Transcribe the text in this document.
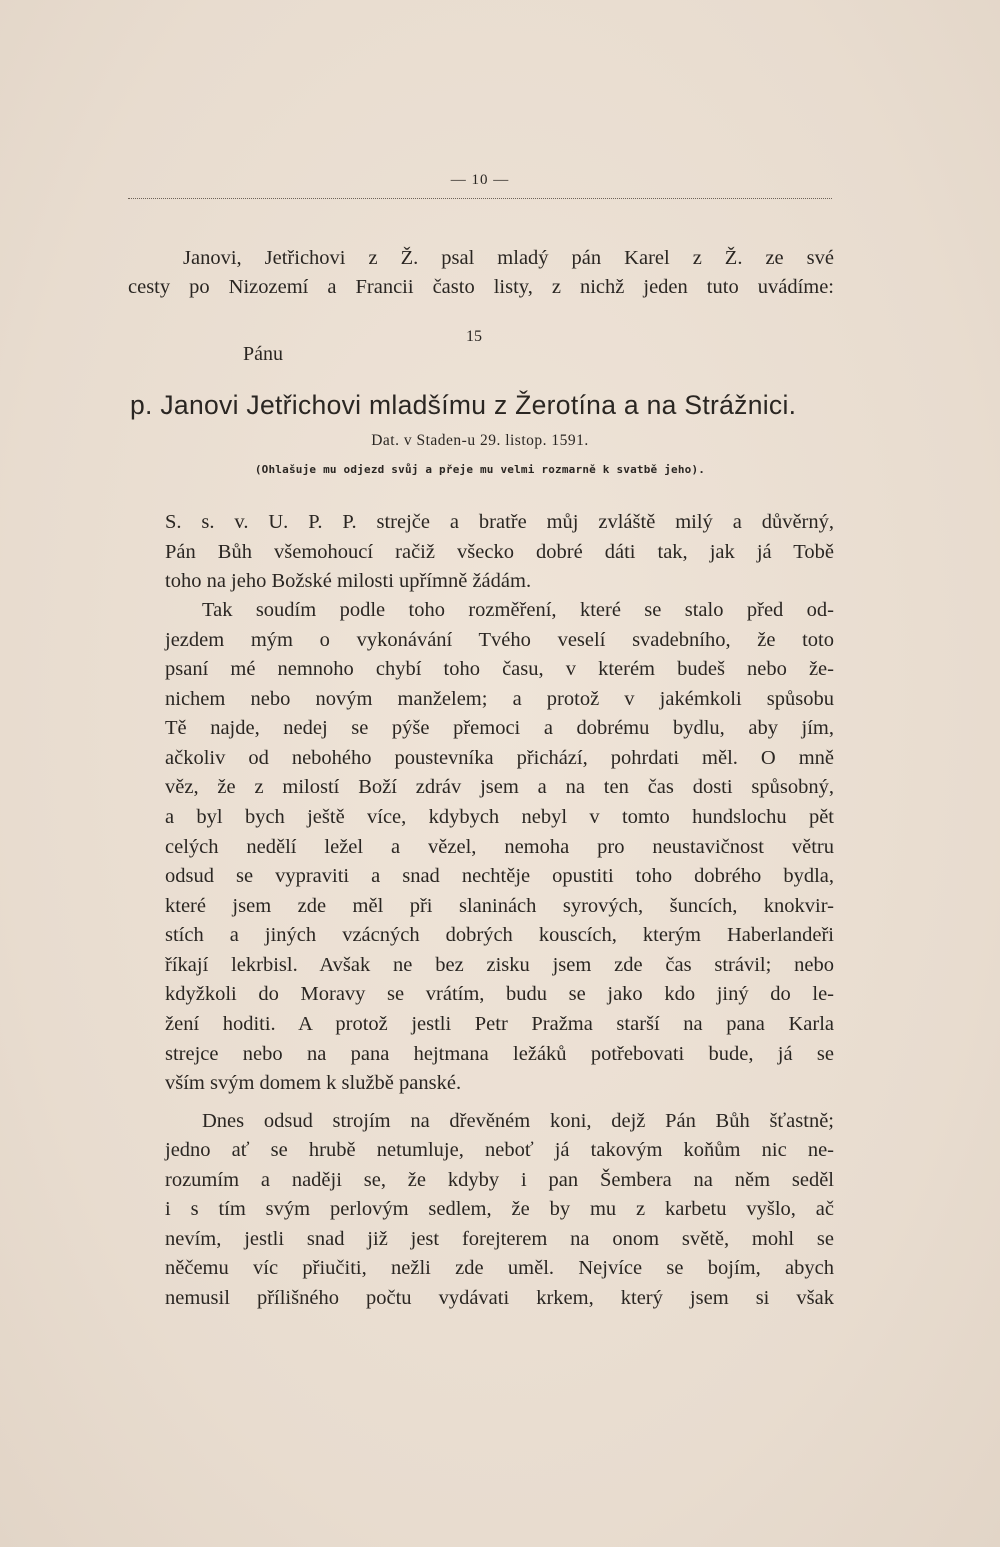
— 10 —
Janovi, Jetřichovi z Ž. psal mladý pán Karel z Ž. ze své
cesty po Nizozemí a Francii často listy, z nichž jeden tuto uvádíme:
15
Pánu
p. Janovi Jetřichovi mladšímu z Žerotína a na Strážnici.
Dat. v Staden-u 29. listop. 1591.
(Ohlašuje mu odjezd svůj a přeje mu velmi rozmarně k svatbě jeho).
S. s. v. U. P. P. strejče a bratře můj zvláště milý a důvěrný,
Pán Bůh všemohoucí račiž všecko dobré dáti tak, jak já Tobě
toho na jeho Božské milosti upřímně žádám.
Tak soudím podle toho rozměření, které se stalo před od-
jezdem mým o vykonávání Tvého veselí svadebního, že toto
psaní mé nemnoho chybí toho času, v kterém budeš nebo že-
nichem nebo novým manželem; a protož v jakémkoli spůsobu
Tě najde, nedej se pýše přemoci a dobrému bydlu, aby jím,
ačkoliv od nebohého poustevníka přichází, pohrdati měl. O mně
věz, že z milostí Boží zdráv jsem a na ten čas dosti spůsobný,
a byl bych ještě více, kdybych nebyl v tomto hundslochu pět
celých nedělí ležel a vězel, nemoha pro neustavičnost větru
odsud se vypraviti a snad nechtěje opustiti toho dobrého bydla,
které jsem zde měl při slaninách syrových, šuncích, knokvir-
stích a jiných vzácných dobrých kouscích, kterým Haberlandeři
říkají lekrbisl. Avšak ne bez zisku jsem zde čas strávil; nebo
kdyžkoli do Moravy se vrátím, budu se jako kdo jiný do le-
žení hoditi. A protož jestli Petr Pražma starší na pana Karla
strejce nebo na pana hejtmana ležáků potřebovati bude, já se
vším svým domem k službě panské.
Dnes odsud strojím na dřevěném koni, dejž Pán Bůh šťastně;
jedno ať se hrubě netumluje, neboť já takovým koňům nic ne-
rozumím a naději se, že kdyby i pan Šembera na něm seděl
i s tím svým perlovým sedlem, že by mu z karbetu vyšlo, ač
nevím, jestli snad již jest forejterem na onom světě, mohl se
něčemu víc přiučiti, nežli zde uměl. Nejvíce se bojím, abych
nemusil přílišného počtu vydávati krkem, který jsem si však
